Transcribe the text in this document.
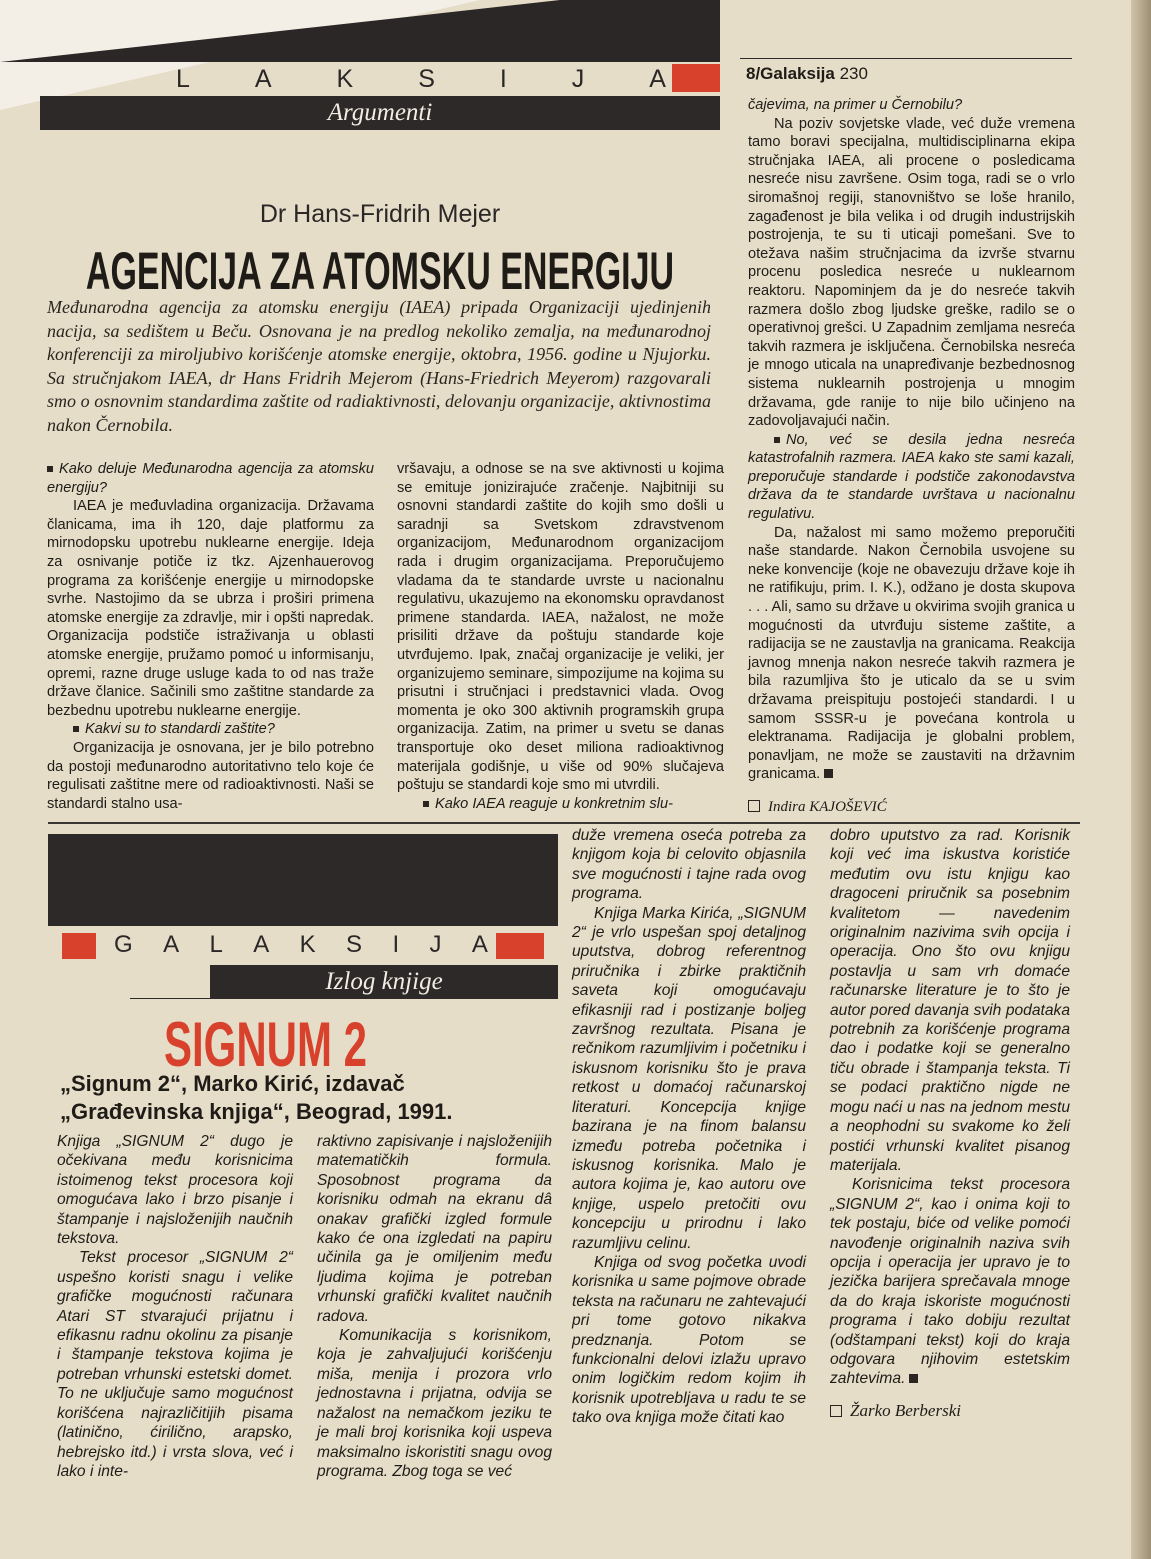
L	A	K	S	I	J	A
Argumenti
8/Galaksija 230
Dr Hans-Fridrih Mejer
AGENCIJA ZA ATOMSKU ENERGIJU
Međunarodna agencija za atomsku energiju (IAEA) pripada Organizaciji ujedinjenih nacija, sa sedištem u Beču. Osnovana je na predlog nekoliko zemalja, na međunarodnoj konferenciji za miroljubivo korišćenje atomske energije, oktobra, 1956. godine u Njujorku. Sa stručnjakom IAEA, dr Hans Fridrih Mejerom (Hans-Friedrich Meyerom) razgovarali smo o osnovnim standardima zaštite od radiaktivnosti, delovanju organizacije, aktivnostima nakon Černobila.

Kako deluje Međunarodna agencija za atomsku energiju?

IAEA je međuvladina organizacija. Državama članicama, ima ih 120, daje platformu za mirnodopsku upotrebu nuklearne energije. Ideja za osnivanje potiče iz tkz. Ajzenhauerovog programa za korišćenje energije u mirnodopske svrhe. Nastojimo da se ubrza i proširi primena atomske energije za zdravlje, mir i opšti napredak. Organizacija podstiče istraživanja u oblasti atomske energije, pružamo pomoć u informisanju, opremi, razne druge usluge kada to od nas traže države članice. Sačinili smo zaštitne standarde za bezbednu upotrebu nuklearne energije.

Kakvi su to standardi zaštite?

Organizacija je osnovana, jer je bilo potrebno da postoji međunarodno autoritativno telo koje će regulisati zaštitne mere od radioaktivnosti. Naši se standardi stalno usa-

vršavaju, a odnose se na sve aktivnosti u kojima se emituje jonizirajuće zračenje. Najbitniji su osnovni standardi zaštite do kojih smo došli u saradnji sa Svetskom zdravstvenom organizacijom, Međunarodnom organizacijom rada i drugim organizacijama. Preporučujemo vladama da te standarde uvrste u nacionalnu regulativu, ukazujemo na ekonomsku opravdanost primene standarda. IAEA, nažalost, ne može prisiliti države da poštuju standarde koje utvrđujemo. Ipak, značaj organizacije je veliki, jer organizujemo seminare, simpozijume na kojima su prisutni i stručnjaci i predstavnici vlada. Ovog momenta je oko 300 aktivnih programskih grupa organizacija. Zatim, na primer u svetu se danas transportuje oko deset miliona radioaktivnog materijala godišnje, u više od 90% slučajeva poštuju se standardi koje smo mi utvrdili.

Kako IAEA reaguje u konkretnim slu-

čajevima, na primer u Černobilu?

Na poziv sovjetske vlade, već duže vremena tamo boravi specijalna, multidisciplinarna ekipa stručnjaka IAEA, ali procene o posledicama nesreće nisu završene. Osim toga, radi se o vrlo siromašnoj regiji, stanovništvo se loše hranilo, zagađenost je bila velika i od drugih industrijskih postrojenja, te su ti uticaji pomešani. Sve to otežava našim stručnjacima da izvrše stvarnu procenu posledica nesreće u nuklearnom reaktoru. Napominjem da je do nesreće takvih razmera došlo zbog ljudske greške, radilo se o operativnoj grešci. U Zapadnim zemljama nesreća takvih razmera je isključena. Černobilska nesreća je mnogo uticala na unapređivanje bezbednosnog sistema nuklearnih postrojenja u mnogim državama, gde ranije to nije bilo učinjeno na zadovoljavajući način.

No, već se desila jedna nesreća katastrofalnih razmera. IAEA kako ste sami kazali, preporučuje standarde i podstiče zakonodavstva država da te standarde uvrštava u nacionalnu regulativu.

Da, nažalost mi samo možemo preporučiti naše standarde. Nakon Černobila usvojene su neke konvencije (koje ne obavezuju države koje ih ne ratifikuju, prim. I. K.), odžano je dosta skupova . . . Ali, samo su države u okvirima svojih granica u mogućnosti da utvrđuju sisteme zaštite, a radijacija se ne zaustavlja na granicama. Reakcija javnog mnenja nakon nesreće takvih razmera je bila razumljiva što je uticalo da se u svim državama preispituju postojeći standardi. I u samom SSSR-u je povećana kontrola u elektranama. Radijacija je globalni problem, ponavljam, ne može se zaustaviti na državnim granicama.

Indira KAJOŠEVIĆ

G A L A K S I J A
Izlog knjige
SIGNUM 2
„Signum 2“, Marko Kirić, izdavač
„Građevinska knjiga“, Beograd, 1991.

Knjiga „SIGNUM 2“ dugo je očekivana među korisnicima istoimenog tekst procesora koji omogućava lako i brzo pisanje i štampanje i najsloženijih naučnih tekstova.

Tekst procesor „SIGNUM 2“ uspešno koristi snagu i velike grafičke mogućnosti računara Atari ST stvarajući prijatnu i efikasnu radnu okolinu za pisanje i štampanje tekstova kojima je potreban vrhunski estetski domet. To ne uključuje samo mogućnost korišćena najrazličitijih pisama (latinično, ćirilično, arapsko, hebrejsko itd.) i vrsta slova, već i lako i inte-

raktivno zapisivanje i najsloženijih matematičkih formula. Sposobnost programa da korisniku odmah na ekranu dâ onakav grafički izgled formule kako će ona izgledati na papiru učinila ga je omiljenim među ljudima kojima je potreban vrhunski grafički kvalitet naučnih radova.

Komunikacija s korisnikom, koja je zahvaljujući korišćenju miša, menija i prozora vrlo jednostavna i prijatna, odvija se nažalost na nemačkom jeziku te je mali broj korisnika koji uspeva maksimalno iskoristiti snagu ovog programa. Zbog toga se već

duže vremena oseća potreba za knjigom koja bi celovito objasnila sve mogućnosti i tajne rada ovog programa.

Knjiga Marka Kirića, „SIGNUM 2“ je vrlo uspešan spoj detaljnog uputstva, dobrog referentnog priručnika i zbirke praktičnih saveta koji omogućavaju efikasniji rad i postizanje boljeg završnog rezultata. Pisana je rečnikom razumljivim i početniku i iskusnom korisniku što je prava retkost u domaćoj računarskoj literaturi. Koncepcija knjige bazirana je na finom balansu između potreba početnika i iskusnog korisnika. Malo je autora kojima je, kao autoru ove knjige, uspelo pretočiti ovu koncepciju u prirodnu i lako razumljivu celinu.

Knjiga od svog početka uvodi korisnika u same pojmove obrade teksta na računaru ne zahtevajući pri tome gotovo nikakva predznanja. Potom se funkcionalni delovi izlažu upravo onim logičkim redom kojim ih korisnik upotrebljava u radu te se tako ova knjiga može čitati kao

dobro uputstvo za rad. Korisnik koji već ima iskustva koristiće međutim ovu istu knjigu kao dragoceni priručnik sa posebnim kvalitetom — navedenim originalnim nazivima svih opcija i operacija. Ono što ovu knjigu postavlja u sam vrh domaće računarske literature je to što je autor pored davanja svih podataka potrebnih za korišćenje programa dao i podatke koji se generalno tiču obrade i štampanja teksta. Ti se podaci praktično nigde ne mogu naći u nas na jednom mestu a neophodni su svakome ko želi postići vrhunski kvalitet pisanog materijala.

Korisnicima tekst procesora „SIGNUM 2“, kao i onima koji to tek postaju, biće od velike pomoći navođenje originalnih naziva svih opcija i operacija jer upravo je to jezička barijera sprečavala mnoge da do kraja iskoriste mogućnosti programa i tako dobiju rezultat (odštampani tekst) koji do kraja odgovara njihovim estetskim zahtevima.

Žarko Berberski
